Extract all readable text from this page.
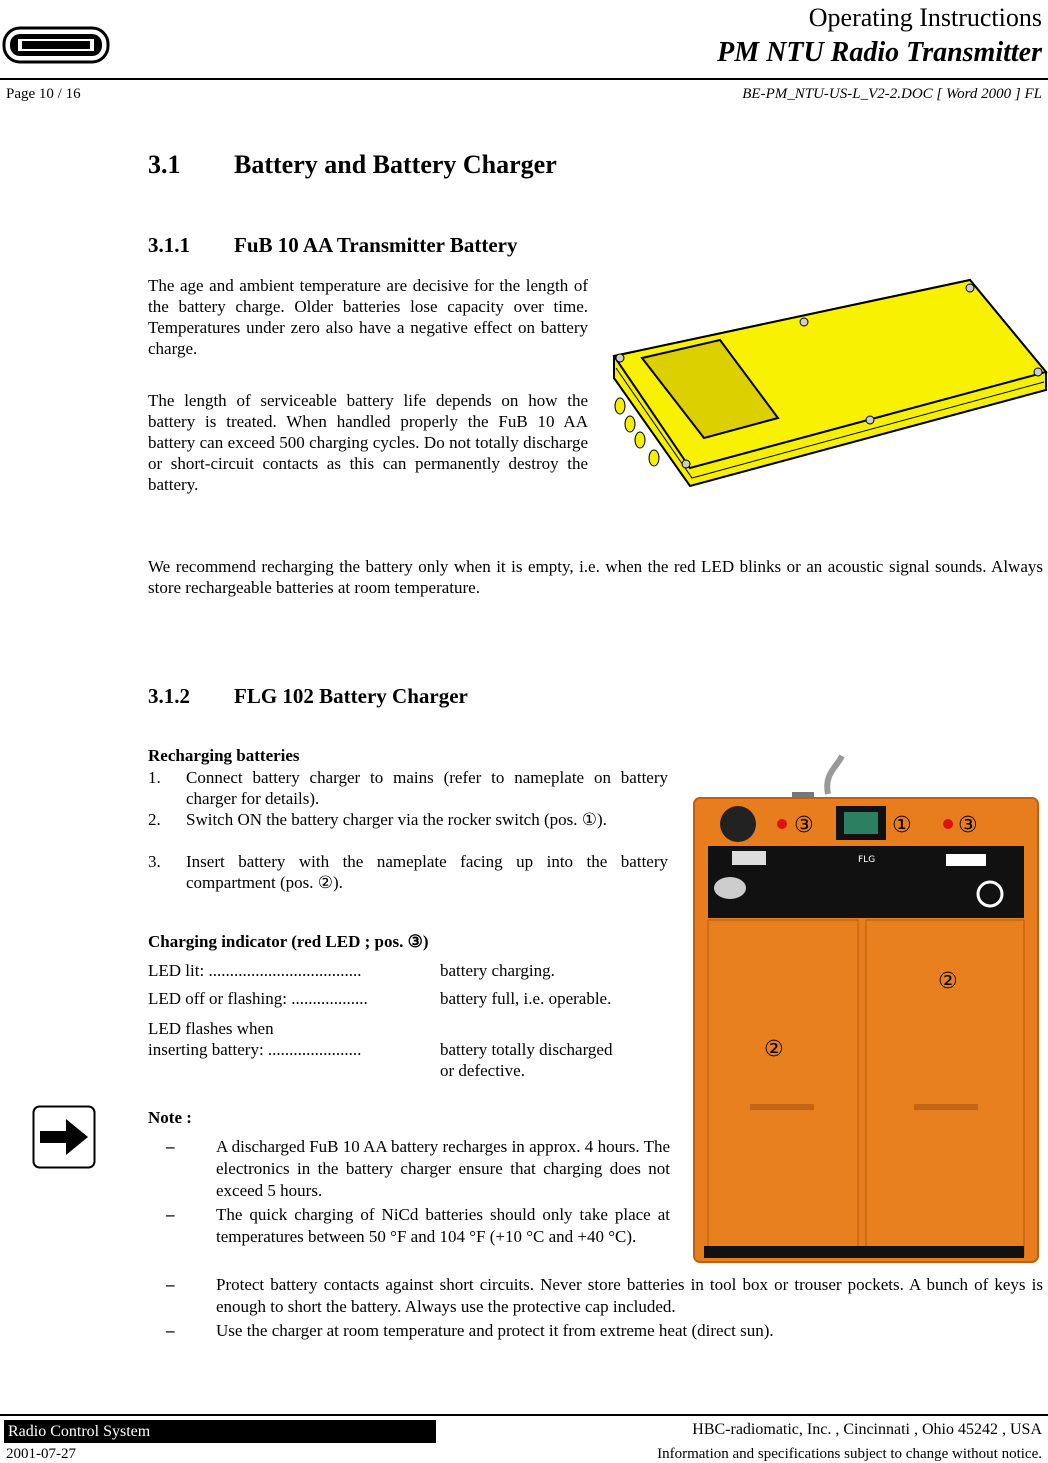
Operating Instructions
PM NTU Radio Transmitter
Page 10 / 16	BE-PM_NTU-US-L_V2-2.DOC [ Word 2000 ] FL
3.1 Battery and Battery Charger
3.1.1 FuB 10 AA Transmitter Battery
The age and ambient temperature are decisive for the length of the battery charge. Older batteries lose capacity over time. Temperatures under zero also have a negative effect on battery charge.
The length of serviceable battery life depends on how the battery is treated. When handled properly the FuB 10 AA battery can exceed 500 charging cycles. Do not totally discharge or short-circuit contacts as this can permanently destroy the battery.
We recommend recharging the battery only when it is empty, i.e. when the red LED blinks or an acoustic signal sounds. Always store rechargeable batteries at room temperature.
3.1.2 FLG 102 Battery Charger
Recharging batteries
1. Connect battery charger to mains (refer to nameplate on battery charger for details).
2. Switch ON the battery charger via the rocker switch (pos. ①).
3. Insert battery with the nameplate facing up into the battery compartment (pos. ②).
Charging indicator (red LED ; pos. ③)
LED lit: ....................................	battery charging.
LED off or flashing: ..................	battery full, i.e. operable.
LED flashes when
inserting battery: ......................	battery totally discharged
or defective.
Note :
– A discharged FuB 10 AA battery recharges in approx. 4 hours. The electronics in the battery charger ensure that charging does not exceed 5 hours.
– The quick charging of NiCd batteries should only take place at temperatures between 50 °F and 104 °F (+10 °C and +40 °C).
– Protect battery contacts against short circuits. Never store batteries in tool box or trouser pockets. A bunch of keys is enough to short the battery. Always use the protective cap included.
– Use the charger at room temperature and protect it from extreme heat (direct sun).
③	① ③
FLG
②
②
Radio Control System
2001-07-27
HBC-radiomatic, Inc. , Cincinnati , Ohio 45242 , USA
Information and specifications subject to change without notice.
